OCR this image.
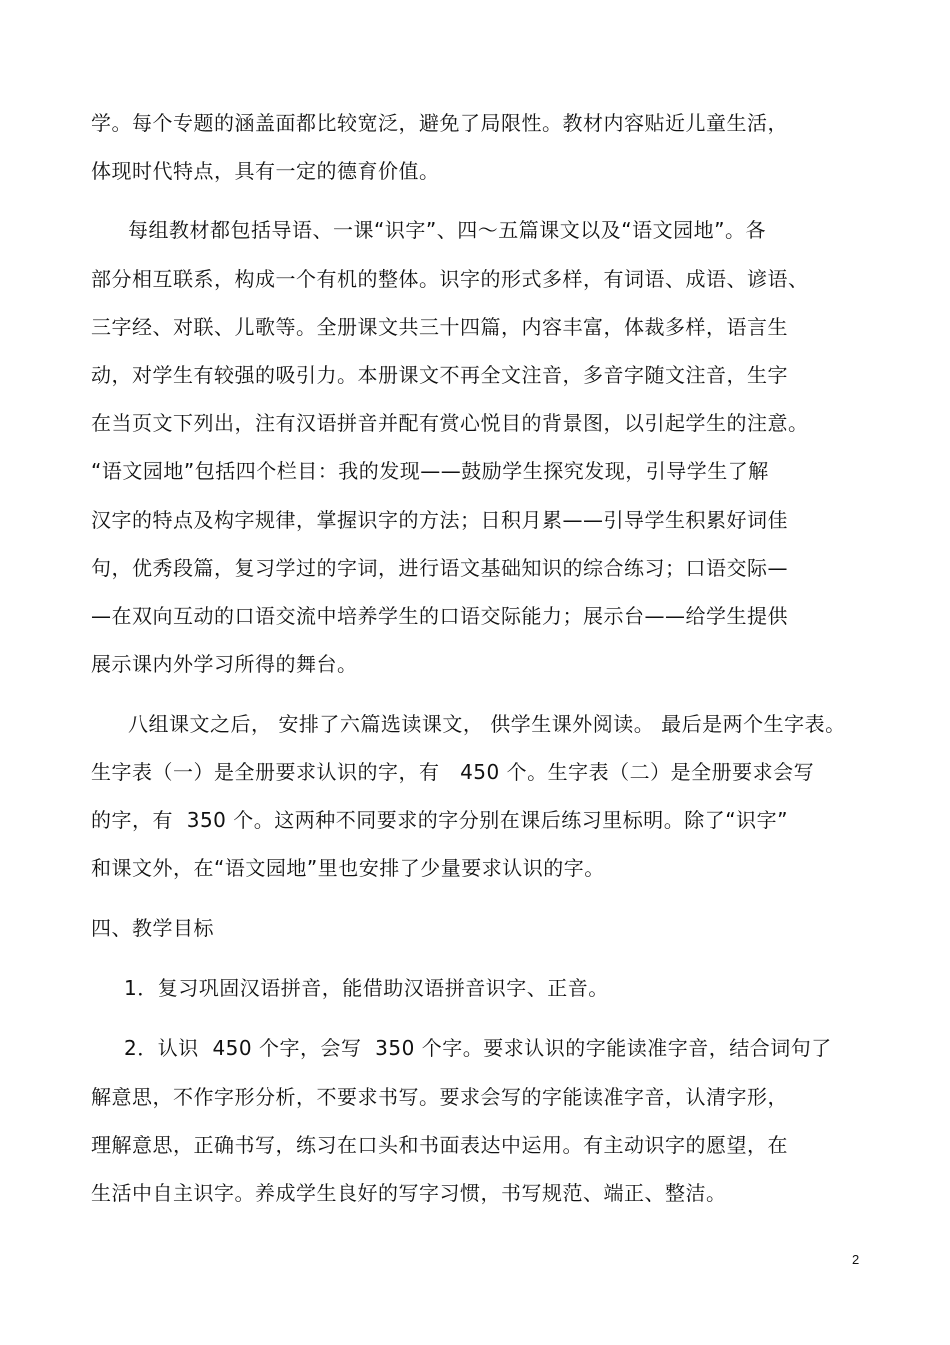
学。每个专题的涵盖面都比较宽泛，避免了局限性。教材内容贴近儿童生活，
体现时代特点，具有一定的德育价值。
每组教材都包括导语、一课“识字”、四～五篇课文以及“语文园地”。各
部分相互联系，构成一个有机的整体。识字的形式多样，有词语、成语、谚语、
三字经、对联、儿歌等。全册课文共三十四篇，内容丰富，体裁多样，语言生
动，对学生有较强的吸引力。本册课文不再全文注音，多音字随文注音，生字
在当页文下列出，注有汉语拼音并配有赏心悦目的背景图，以引起学生的注意。
“语文园地”包括四个栏目：我的发现——鼓励学生探究发现，引导学生了解
汉字的特点及构字规律，掌握识字的方法；日积月累——引导学生积累好词佳
句，优秀段篇，复习学过的字词，进行语文基础知识的综合练习；口语交际—
—在双向互动的口语交流中培养学生的口语交际能力；展示台——给学生提供
展示课内外学习所得的舞台。
八组课文之后， 安排了六篇选读课文， 供学生课外阅读。 最后是两个生字表。
生字表（一）是全册要求认识的字，有   450 个。生字表（二）是全册要求会写
的字，有  350 个。这两种不同要求的字分别在课后练习里标明。除了“识字”
和课文外，在“语文园地”里也安排了少量要求认识的字。
四、教学目标
1．复习巩固汉语拼音，能借助汉语拼音识字、正音。
2．认识  450 个字，会写  350 个字。要求认识的字能读准字音，结合词句了
解意思，不作字形分析，不要求书写。要求会写的字能读准字音，认清字形，
理解意思，正确书写，练习在口头和书面表达中运用。有主动识字的愿望，在
生活中自主识字。养成学生良好的写字习惯，书写规范、端正、整洁。
2
